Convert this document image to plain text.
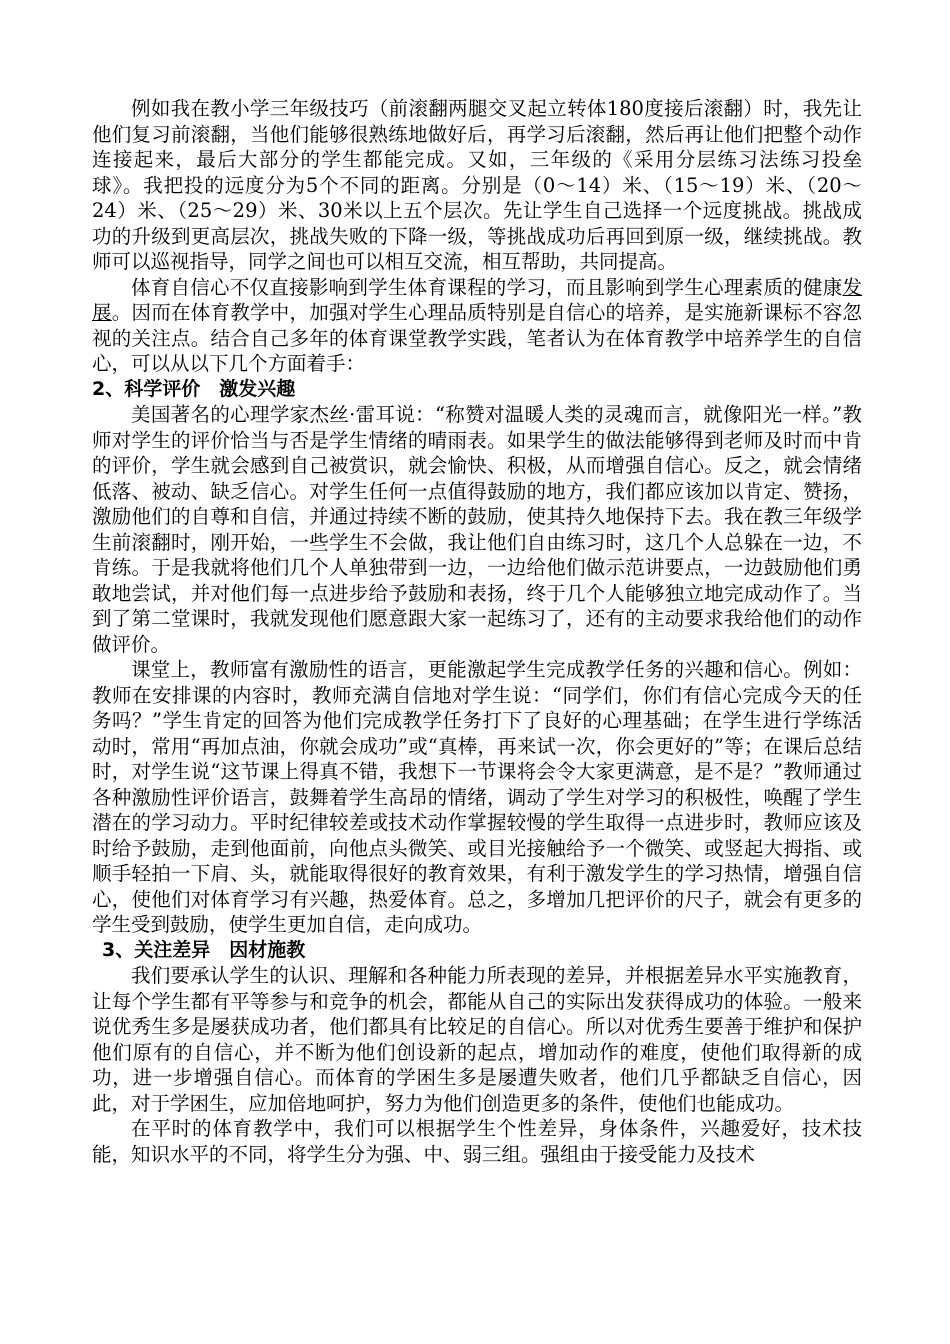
例如我在教小学三年级技巧（前滚翻两腿交叉起立转体180度接后滚翻）时，我先让他们复习前滚翻，当他们能够很熟练地做好后，再学习后滚翻，然后再让他们把整个动作连接起来，最后大部分的学生都能完成。又如，三年级的《采用分层练习法练习投垒球》。我把投的远度分为5个不同的距离。分别是（0～14）米、（15～19）米、（20～24）米、（25～29）米、30米以上五个层次。先让学生自己选择一个远度挑战。挑战成功的升级到更高层次，挑战失败的下降一级，等挑战成功后再回到原一级，继续挑战。教师可以巡视指导，同学之间也可以相互交流，相互帮助，共同提高。

体育自信心不仅直接影响到学生体育课程的学习，而且影响到学生心理素质的健康发展。因而在体育教学中，加强对学生心理品质特别是自信心的培养，是实施新课标不容忽视的关注点。结合自己多年的体育课堂教学实践，笔者认为在体育教学中培养学生的自信心，可以从以下几个方面着手：

2、科学评价　激发兴趣

美国著名的心理学家杰丝·雷耳说：“称赞对温暖人类的灵魂而言，就像阳光一样。”教师对学生的评价恰当与否是学生情绪的晴雨表。如果学生的做法能够得到老师及时而中肯的评价，学生就会感到自己被赏识，就会愉快、积极，从而增强自信心。反之，就会情绪低落、被动、缺乏信心。对学生任何一点值得鼓励的地方，我们都应该加以肯定、赞扬，激励他们的自尊和自信，并通过持续不断的鼓励，使其持久地保持下去。我在教三年级学生前滚翻时，刚开始，一些学生不会做，我让他们自由练习时，这几个人总躲在一边，不肯练。于是我就将他们几个人单独带到一边，一边给他们做示范讲要点，一边鼓励他们勇敢地尝试，并对他们每一点进步给予鼓励和表扬，终于几个人能够独立地完成动作了。当到了第二堂课时，我就发现他们愿意跟大家一起练习了，还有的主动要求我给他们的动作做评价。

课堂上，教师富有激励性的语言，更能激起学生完成教学任务的兴趣和信心。例如：教师在安排课的内容时，教师充满自信地对学生说：“同学们，你们有信心完成今天的任务吗？”学生肯定的回答为他们完成教学任务打下了良好的心理基础；在学生进行学练活动时，常用“再加点油，你就会成功”或“真棒，再来试一次，你会更好的”等；在课后总结时，对学生说“这节课上得真不错，我想下一节课将会令大家更满意，是不是？”教师通过各种激励性评价语言，鼓舞着学生高昂的情绪，调动了学生对学习的积极性，唤醒了学生潜在的学习动力。平时纪律较差或技术动作掌握较慢的学生取得一点进步时，教师应该及时给予鼓励，走到他面前，向他点头微笑、或目光接触给予一个微笑、或竖起大拇指、或顺手轻拍一下肩、头，就能取得很好的教育效果，有利于激发学生的学习热情，增强自信心，使他们对体育学习有兴趣，热爱体育。总之，多增加几把评价的尺子，就会有更多的学生受到鼓励，使学生更加自信，走向成功。

3、关注差异　因材施教

我们要承认学生的认识、理解和各种能力所表现的差异，并根据差异水平实施教育，让每个学生都有平等参与和竞争的机会，都能从自己的实际出发获得成功的体验。一般来说优秀生多是屡获成功者，他们都具有比较足的自信心。所以对优秀生要善于维护和保护他们原有的自信心，并不断为他们创设新的起点，增加动作的难度，使他们取得新的成功，进一步增强自信心。而体育的学困生多是屡遭失败者，他们几乎都缺乏自信心，因此，对于学困生，应加倍地呵护，努力为他们创造更多的条件，使他们也能成功。

在平时的体育教学中，我们可以根据学生个性差异，身体条件，兴趣爱好，技术技能，知识水平的不同，将学生分为强、中、弱三组。强组由于接受能力及技术
